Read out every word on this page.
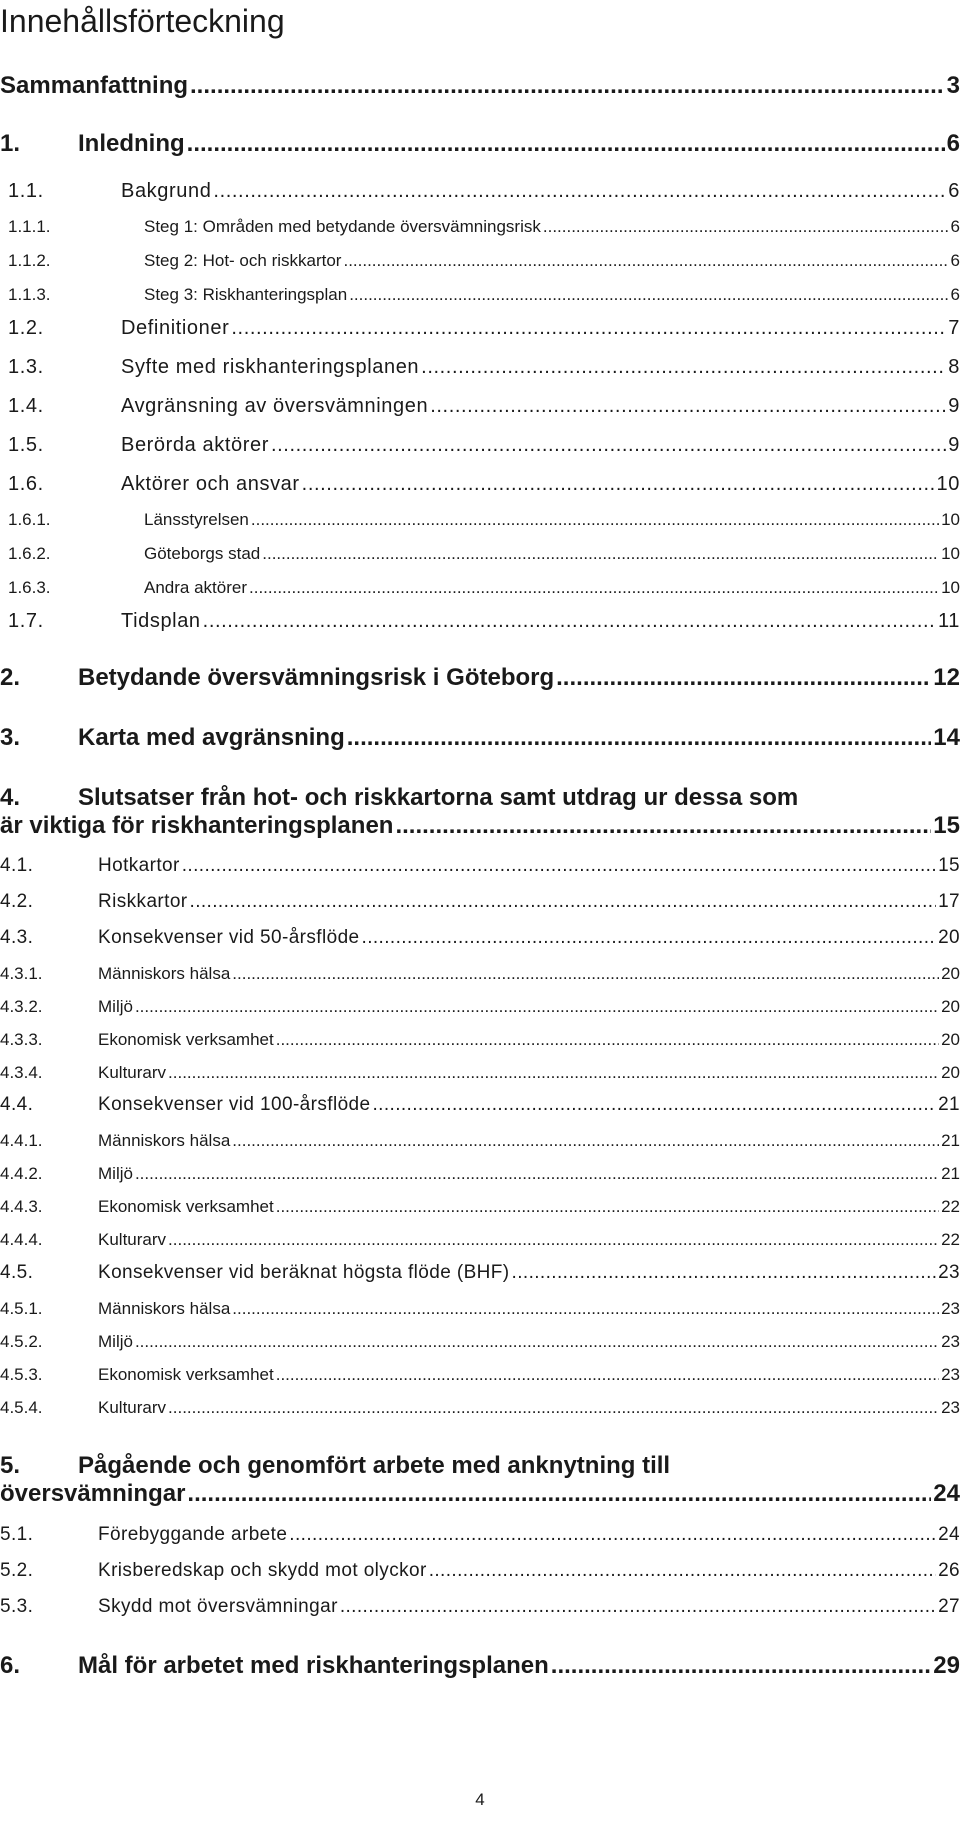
Innehållsförteckning
Sammanfattning .....	3
1.	Inledning .....	6
1.1.	Bakgrund .....	6
1.1.1.	Steg 1: Områden med betydande översvämningsrisk .....	6
1.1.2.	Steg 2: Hot- och riskkartor .....	6
1.1.3.	Steg 3: Riskhanteringsplan .....	6
1.2.	Definitioner .....	7
1.3.	Syfte med riskhanteringsplanen .....	8
1.4.	Avgränsning av översvämningen .....	9
1.5.	Berörda aktörer .....	9
1.6.	Aktörer och ansvar .....	10
1.6.1.	Länsstyrelsen .....	10
1.6.2.	Göteborgs stad .....	10
1.6.3.	Andra aktörer .....	10
1.7.	Tidsplan .....	11
2.	Betydande översvämningsrisk i Göteborg .....	12
3.	Karta med avgränsning .....	14
4.	Slutsatser från hot- och riskkartorna samt utdrag ur dessa som
är viktiga för riskhanteringsplanen .....	15
4.1.	Hotkartor .....	15
4.2.	Riskkartor .....	17
4.3.	Konsekvenser vid 50-årsflöde .....	20
4.3.1.	Människors hälsa .....	20
4.3.2.	Miljö .....	20
4.3.3.	Ekonomisk verksamhet .....	20
4.3.4.	Kulturarv .....	20
4.4.	Konsekvenser vid 100-årsflöde .....	21
4.4.1.	Människors hälsa .....	21
4.4.2.	Miljö .....	21
4.4.3.	Ekonomisk verksamhet .....	22
4.4.4.	Kulturarv .....	22
4.5.	Konsekvenser vid beräknat högsta flöde (BHF) .....	23
4.5.1.	Människors hälsa .....	23
4.5.2.	Miljö .....	23
4.5.3.	Ekonomisk verksamhet .....	23
4.5.4.	Kulturarv .....	23
5.	Pågående och genomfört arbete med anknytning till
översvämningar .....	24
5.1.	Förebyggande arbete .....	24
5.2.	Krisberedskap och skydd mot olyckor .....	26
5.3.	Skydd mot översvämningar .....	27
6.	Mål för arbetet med riskhanteringsplanen .....	29
4
